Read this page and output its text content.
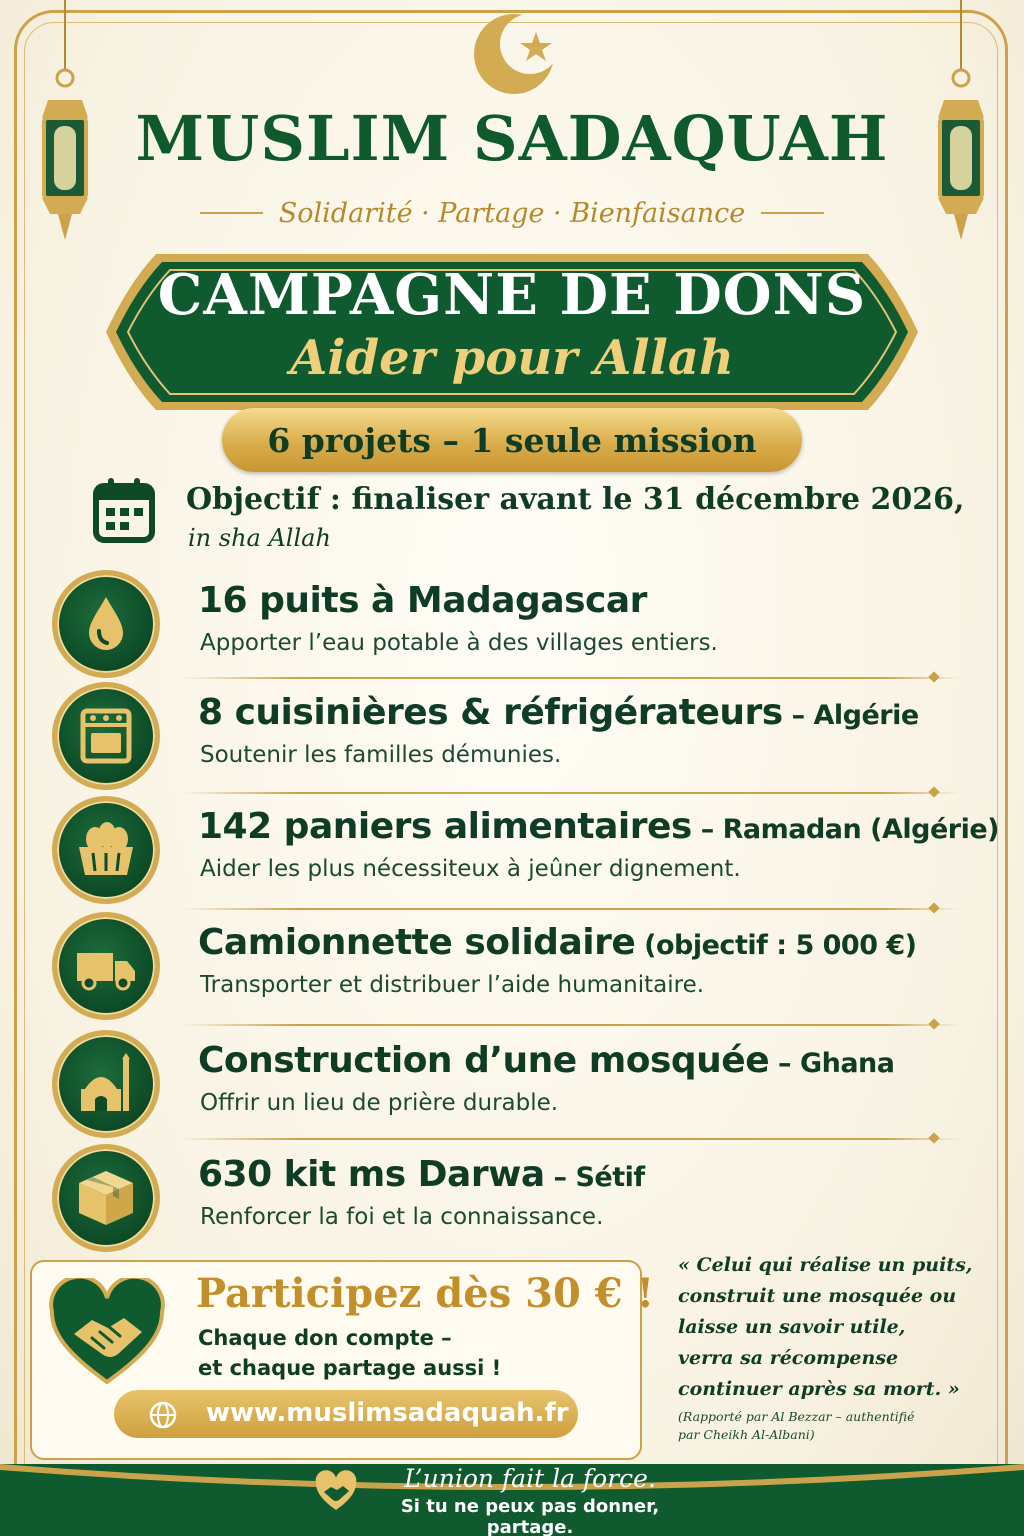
MUSLIM SADAQUAH
Solidarité · Partage · Bienfaisance
CAMPAGNE DE DONS
Aider pour Allah
6 projets – 1 seule mission
Objectif : finaliser avant le 31 décembre 2026,
in sha Allah
16 puits à Madagascar
Apporter l’eau potable à des villages entiers.
8 cuisinières & réfrigérateurs – Algérie
Soutenir les familles démunies.
142 paniers alimentaires – Ramadan (Algérie)
Aider les plus nécessiteux à jeûner dignement.
Camionnette solidaire (objectif : 5 000 €)
Transporter et distribuer l’aide humanitaire.
Construction d’une mosquée – Ghana
Offrir un lieu de prière durable.
630 kit ms Darwa – Sétif
Renforcer la foi et la connaissance.
Participez dès 30 € !
Chaque don compte –
et chaque partage aussi !
www.muslimsadaquah.fr
« Celui qui réalise un puits,
construit une mosquée ou
laisse un savoir utile,
verra sa récompense
continuer après sa mort. »
(Rapporté par Al Bezzar – authentifié
par Cheikh Al-Albani)
L’union fait la force.
Si tu ne peux pas donner, partage.
